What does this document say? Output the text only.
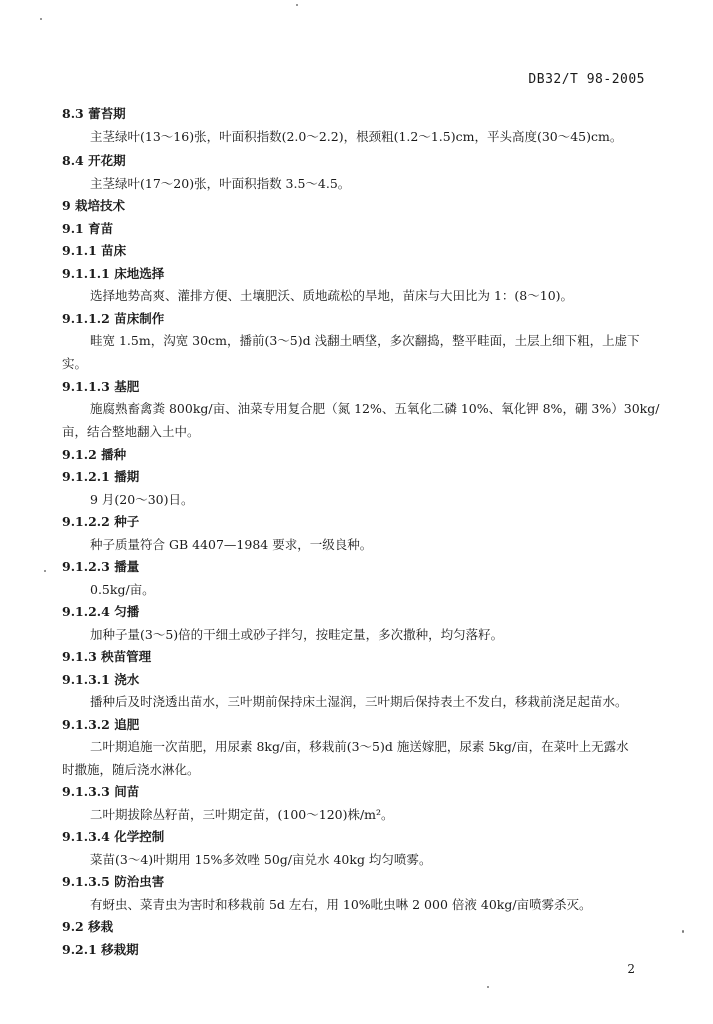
DB32/T 98-2005
8.3 蕾苔期
主茎绿叶(13～16)张，叶面积指数(2.0～2.2)，根颈粗(1.2～1.5)cm，平头高度(30～45)cm。
8.4 开花期
主茎绿叶(17～20)张，叶面积指数 3.5～4.5。
9 栽培技术
9.1 育苗
9.1.1 苗床
9.1.1.1 床地选择
选择地势高爽、灌排方便、土壤肥沃、质地疏松的旱地，苗床与大田比为 1：(8～10)。
9.1.1.2 苗床制作
畦宽 1.5m，沟宽 30cm，播前(3～5)d 浅翻土晒垡，多次翻捣，整平畦面，土层上细下粗，上虚下
实。
9.1.1.3 基肥
施腐熟畜禽粪 800kg/亩、油菜专用复合肥（氮 12%、五氧化二磷 10%、氧化钾 8%，硼 3%）30kg/
亩，结合整地翻入土中。
9.1.2 播种
9.1.2.1 播期
9 月(20～30)日。
9.1.2.2 种子
种子质量符合 GB 4407—1984 要求，一级良种。
9.1.2.3 播量
0.5kg/亩。
9.1.2.4 匀播
加种子量(3～5)倍的干细土或砂子拌匀，按畦定量，多次撒种，均匀落籽。
9.1.3 秧苗管理
9.1.3.1 浇水
播种后及时浇透出苗水，三叶期前保持床土湿润，三叶期后保持表土不发白，移栽前浇足起苗水。
9.1.3.2 追肥
二叶期追施一次苗肥，用尿素 8kg/亩，移栽前(3～5)d 施送嫁肥，尿素 5kg/亩，在菜叶上无露水
时撒施，随后浇水淋化。
9.1.3.3 间苗
二叶期拔除丛籽苗，三叶期定苗，(100～120)株/m²。
9.1.3.4 化学控制
菜苗(3～4)叶期用 15%多效唑 50g/亩兑水 40kg 均匀喷雾。
9.1.3.5 防治虫害
有蚜虫、菜青虫为害时和移栽前 5d 左右，用 10%吡虫啉 2 000 倍液 40kg/亩喷雾杀灭。
9.2 移栽
9.2.1 移栽期
2
